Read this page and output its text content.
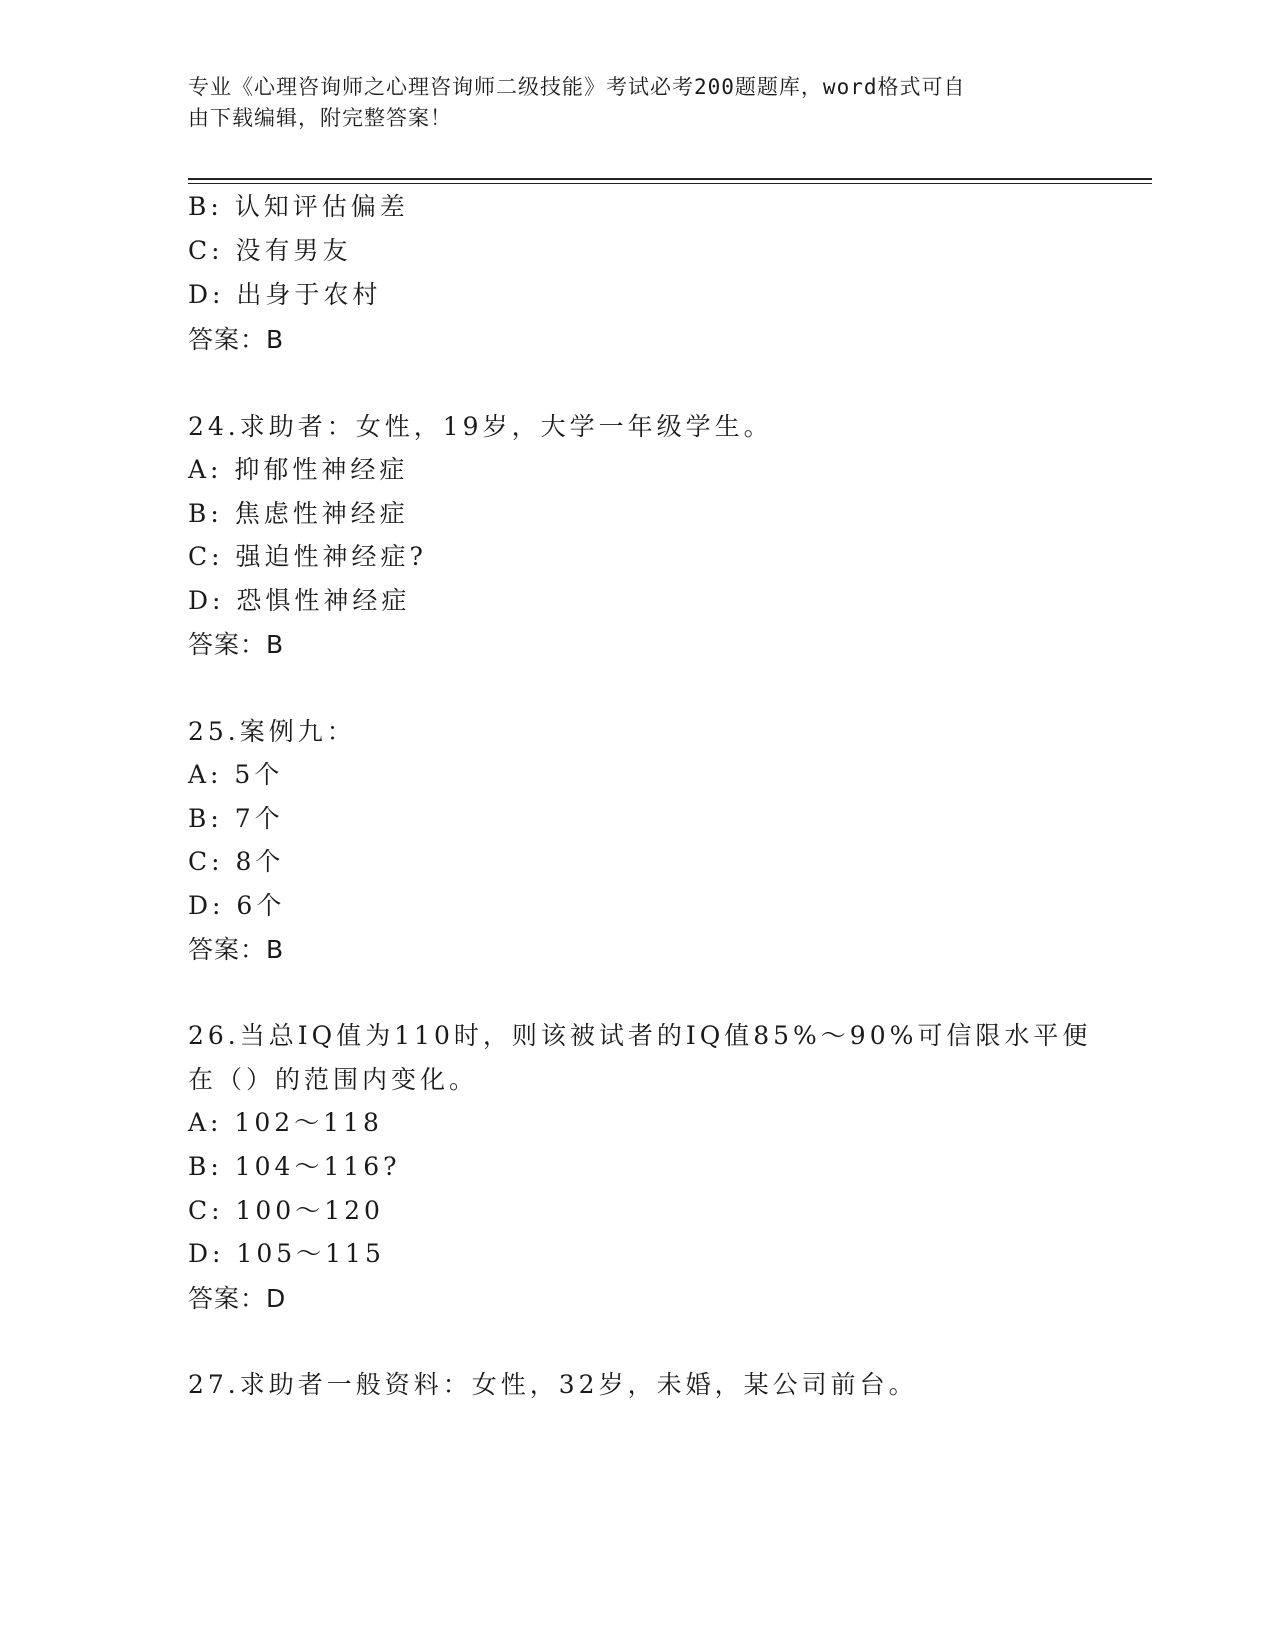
专业《心理咨询师之心理咨询师二级技能》考试必考200题题库，word格式可自
由下载编辑，附完整答案！
B: 认知评估偏差
C: 没有男友
D: 出身于农村
答案：B
24.求助者：女性，19岁，大学一年级学生。
A: 抑郁性神经症
B: 焦虑性神经症
C: 强迫性神经症?
D: 恐惧性神经症
答案：B
25.案例九：
A: 5个
B: 7个
C: 8个
D: 6个
答案：B
26.当总IQ值为110时，则该被试者的IQ值85%～90%可信限水平便
在（）的范围内变化。
A: 102～118
B: 104～116?
C: 100～120
D: 105～115
答案：D
27.求助者一般资料：女性，32岁，未婚，某公司前台。
